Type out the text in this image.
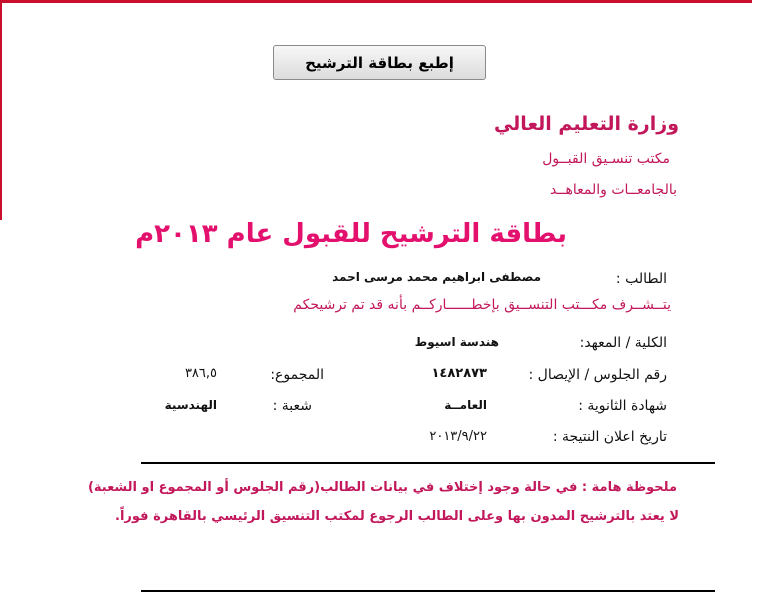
إطبع بطاقة الترشيح
وزارة التعليم العالي
مكتب تنسـيق القبــول
بالجامعــات والمعاهــد
بطاقة الترشيح للقبول عام ٢٠١٣م
الطالب :
مصطفى ابراهيم محمد مرسى احمد
يتــشــرف مكـــتب التنســيق بإخطــــــاركــم بأنه قد تم ترشيحكم
الكلية / المعهد:
هندسة اسيوط
رقم الجلوس / الإيصال :
١٤٨٢٨٧٣
المجموع:
٣٨٦,٥
شهادة الثانوية :
العامــة
شعبة :
الهندسية
تاريخ اعلان النتيجة :
٢٠١٣/٩/٢٢
ملحوظة هامة : في حالة وجود إختلاف في بيانات الطالب(رقم الجلوس أو المجموع او الشعبة)
لا يعتد بالترشيح المدون بها وعلى الطالب الرجوع لمكتب التنسيق الرئيسي بالقاهرة فوراً.
